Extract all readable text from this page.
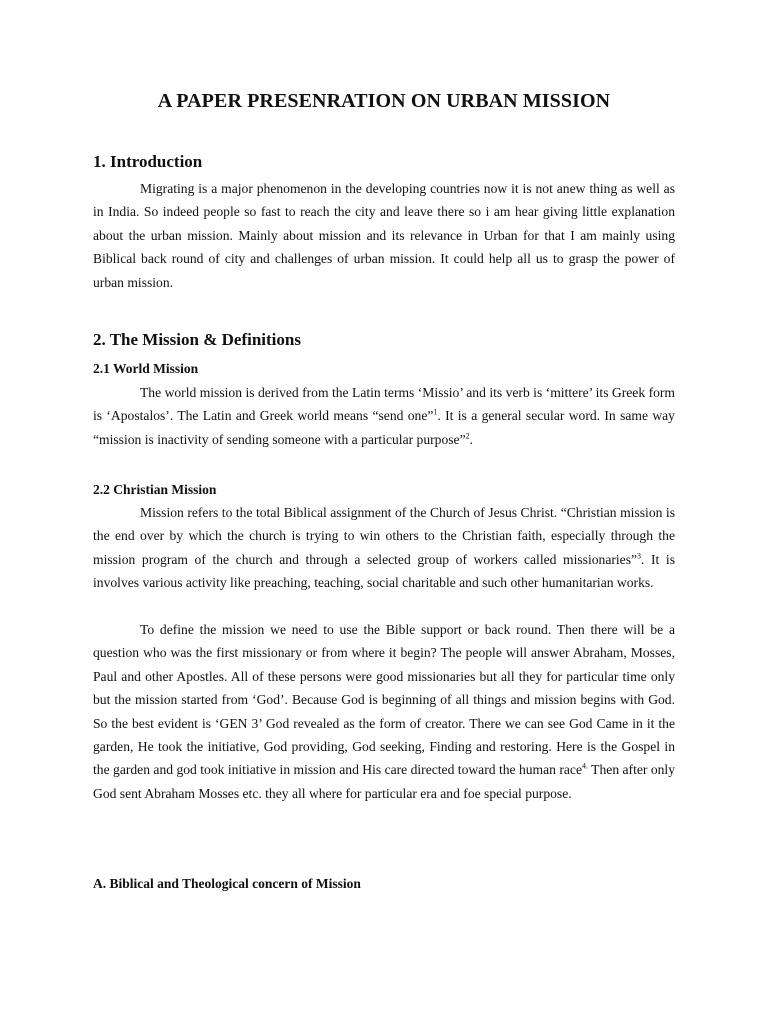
A PAPER PRESENRATION ON URBAN MISSION
1. Introduction
Migrating is a major phenomenon in the developing countries now it is not anew thing as well as in India. So indeed people so fast to reach the city and leave there so i am hear giving little explanation about the urban mission. Mainly about mission and its relevance in Urban for that I am mainly using Biblical back round of city and challenges of urban mission. It could help all us to grasp the power of urban mission.
2. The Mission & Definitions
2.1 World Mission
The world mission is derived from the Latin terms ‘Missio’ and its verb is ‘mittere’ its Greek form is ‘Apostalos’. The Latin and Greek world means “send one”$^1$. It is a general secular word. In same way “mission is inactivity of sending someone with a particular purpose”$^2$.
2.2 Christian Mission
Mission refers to the total Biblical assignment of the Church of Jesus Christ. “Christian mission is the end over by which the church is trying to win others to the Christian faith, especially through the mission program of the church and through a selected group of workers called missionaries”$^3$. It is involves various activity like preaching, teaching, social charitable and such other humanitarian works.
To define the mission we need to use the Bible support or back round. Then there will be a question who was the first missionary or from where it begin? The people will answer Abraham, Mosses, Paul and other Apostles. All of these persons were good missionaries but all they for particular time only but the mission started from ‘God’. Because God is beginning of all things and mission begins with God. So the best evident is ‘GEN 3’ God revealed as the form of creator. There we can see God Came in it the garden, He took the initiative, God providing, God seeking, Finding and restoring. Here is the Gospel in the garden and god took initiative in mission and His care directed toward the human race$^{4.}$ Then after only God sent Abraham Mosses etc. they all where for particular era and foe special purpose.
A. Biblical and Theological concern of Mission
